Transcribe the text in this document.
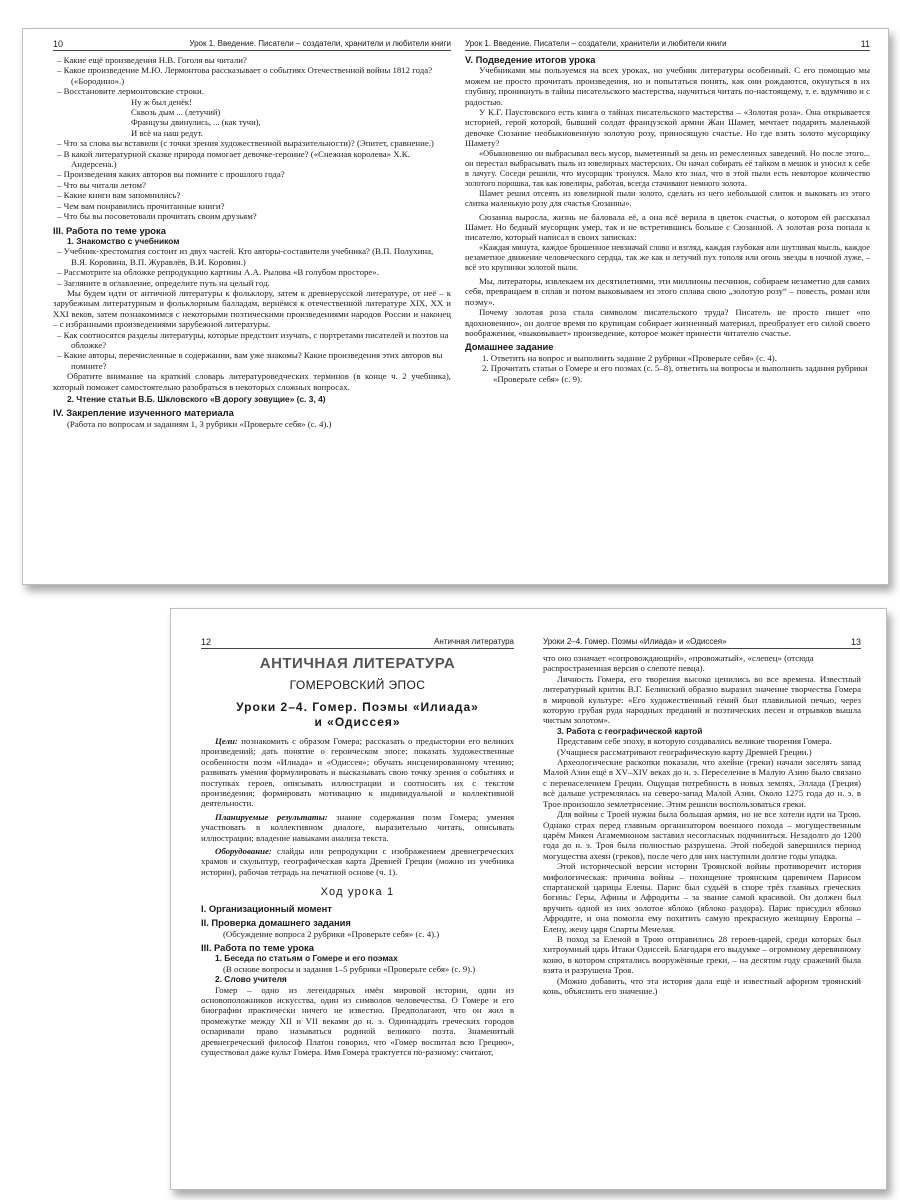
10	Урок 1. Введение. Писатели – создатели, хранители и любители книги

– Какие ещё произведения Н.В. Гоголя вы читали?

– Какое произведение М.Ю. Лермонтова рассказывает о событиях Отечественной войны 1812 года? («Бородино».)

– Восстановите лермонтовские строки.

Ну ж был денёк!
Сквозь дым ... (летучий)
Французы двинулись, ... (как тучи),
И всё на наш редут.

– Что за слова вы вставили (с точки зрения художественной выразительности)? (Эпитет, сравнение.)

– В какой литературной сказке природа помогает девочке-героине? («Снежная королева» Х.К. Андерсена.)

– Произведения каких авторов вы помните с прошлого года?

– Что вы читали летом?

– Какие книги вам запомнились?

– Чем вам понравились прочитанные книги?

– Что бы вы посоветовали прочитать своим друзьям?

III. Работа по теме урока
1. Знакомство с учебником

– Учебник-хрестоматия состоит из двух частей. Кто авторы-составители учебника? (В.П. Полухина, В.Я. Коровина, В.П. Журавлёв, В.И. Коровин.)

– Рассмотрите на обложке репродукцию картины А.А. Рылова «В голубом просторе».

– Загляните в оглавление, определите путь на целый год.

Мы будем идти от античной литературы к фольклору, затем к древнерусской литературе, от неё – к зарубежным литературным и фольклорным балладам, вернёмся к отечественной литературе XIX, XX и XXI веков, затем познакомимся с некоторыми поэтическими произведениями народов России и наконец – с избранными произведениями зарубежной литературы.

– Как соотносятся разделы литературы, которые предстоит изучать, с портретами писателей и поэтов на обложке?

– Какие авторы, перечисленные в содержании, вам уже знакомы? Какие произведения этих авторов вы помните?

Обратите внимание на краткий словарь литературоведческих терминов (в конце ч. 2 учебника), который поможет самостоятельно разобраться в некоторых сложных вопросах.

2. Чтение статьи В.Б. Шкловского «В дорогу зовущие» (с. 3, 4)
IV. Закрепление изученного материала

(Работа по вопросам и заданиям 1, 3 рубрики «Проверьте себя» (с. 4).)

Урок 1. Введение. Писатели – создатели, хранители и любители книги	11
V. Подведение итогов урока

Учебниками мы пользуемся на всех уроках, но учебник литературы особенный. С его помощью мы можем не просто прочитать произведения, но и попытаться понять, как они рождаются, окунуться в их глубину, проникнуть в тайны писательского мастерства, научиться читать по-настоящему, т. е. вдумчиво и с радостью.

У К.Г. Паустовского есть книга о тайнах писательского мастерства – «Золотая роза». Она открывается историей, герой которой, бывший солдат французской армии Жан Шамет, мечтает подарить маленькой девочке Сюзанне необыкновенную золотую розу, приносящую счастье. Но где взять золото мусорщику Шамету?

«Обыкновенно он выбрасывал весь мусор, выметенный за день из ремесленных заведений. Но после этого... он перестал выбрасывать пыль из ювелирных мастерских. Он начал собирать её тайком в мешок и уносил к себе в лачугу. Соседи решили, что мусорщик тронулся. Мало кто знал, что в этой пыли есть некоторое количество золотого порошка, так как ювелиры, работая, всегда стачивают немного золота.

Шамет решил отсеять из ювелирной пыли золото, сделать из него небольшой слиток и выковать из этого слитка маленькую розу для счастья Сюзанны».

Сюзанна выросла, жизнь не баловала её, а она всё верила в цветок счастья, о котором ей рассказал Шамет. Но бедный мусорщик умер, так и не встретившись больше с Сюзанной. А золотая роза попала к писателю, который написал в своих записках:

«Каждая минута, каждое брошенное невзначай слово и взгляд, каждая глубокая или шутливая мысль, каждое незаметное движение человеческого сердца, так же как и летучий пух тополя или огонь звезды в ночной луже, – всё это крупинки золотой пыли.

Мы, литераторы, извлекаем их десятилетиями, эти миллионы песчинок, собираем незаметно для самих себя, превращаем в сплав и потом выковываем из этого сплава свою „золотую розу“ – повесть, роман или поэму».

Почему золотая роза стала символом писательского труда? Писатель не просто пишет «по вдохновению», он долгое время по крупицам собирает жизненный материал, преобразует его силой своего воображения, «выковывает» произведение, которое может принести читателю счастье.

Домашнее задание

1. Ответить на вопрос и выполнить задание 2 рубрики «Проверьте себя» (с. 4).

2. Прочитать статьи о Гомере и его поэмах (с. 5–8), ответить на вопросы и выполнить задания рубрики «Проверьте себя» (с. 9).

12	Античная литература
АНТИЧНАЯ ЛИТЕРАТУРА
ГОМЕРОВСКИЙ ЭПОС
Уроки 2–4. Гомер. Поэмы «Илиада»
и «Одиссея»

Цели: познакомить с образом Гомера; рассказать о предыстории его великих произведений; дать понятие о героическом эпосе; показать художественные особенности поэм «Илиада» и «Одиссея»; обучать инсценированному чтению; развивать умения формулировать и высказывать свою точку зрения о событиях и поступках героев, описывать иллюстрации и соотносить их с текстом произведения; формировать мотивацию к индивидуальной и коллективной деятельности.

Планируемые результаты: знание содержания поэм Гомера; умения участвовать в коллективном диалоге, выразительно читать, описывать иллюстрации; владение навыками анализа текста.

Оборудование: слайды или репродукции с изображением древнегреческих храмов и скульптур, географическая карта Древней Греции (можно из учебника истории), рабочая тетрадь на печатной основе (ч. 1).

Ход урока 1
I. Организационный момент
II. Проверка домашнего задания

(Обсуждение вопроса 2 рубрики «Проверьте себя» (с. 4).)

III. Работа по теме урока
1. Беседа по статьям о Гомере и его поэмах

(В основе вопросы и задания 1–5 рубрики «Проверьте себя» (с. 9).)

2. Слово учителя

Гомер – одно из легендарных имён мировой истории, один из основоположников искусства, один из символов человечества. О Гомере и его биографии практически ничего не известно. Предполагают, что он жил в промежутке между XII и VII веками до н. э. Одиннадцать греческих городов оспаривали право называться родиной великого поэта. Знаменитый древнегреческий философ Платон говорил, что «Гомер воспитал всю Грецию», существовал даже культ Гомера. Имя Гомера трактуется по-разному: считают,

Уроки 2–4. Гомер. Поэмы «Илиада» и «Одиссея»	13

что оно означает «сопровождающий», «провожатый», «слепец» (отсюда распространенная версия о слепоте певца).

Личность Гомера, его творения высоко ценились во все времена. Известный литературный критик В.Г. Белинский образно выразил значение творчества Гомера в мировой культуре: «Его художественный гений был плавильной печью, через которую грубая руда народных преданий и поэтических песен и отрывков вышла чистым золотом».

3. Работа с географической картой

Представим себе эпоху, в которую создавались великие творения Гомера.

(Учащиеся рассматривают географическую карту Древней Греции.)

Археологические раскопки показали, что ахейне (греки) начали заселять запад Малой Азии ещё в XV–XIV веках до н. э. Переселение в Малую Азию было связано с перенаселением Греции. Ощущая потребность в новых землях, Эллада (Греция) всё дальше устремлялась на северо-запад Малой Азии. Около 1275 года до н. э. в Трое произошло землетрясение. Этим решили воспользоваться греки.

Для войны с Троей нужна была большая армия, но не все хотели идти на Трою. Однако страх перед главным организатором военного похода – могущественным царём Микен Агамемноном заставил несогласных подчиниться. Незадолго до 1200 года до н. э. Троя была полностью разрушена. Этой победой завершился период могущества ахеян (греков), после чего для них наступили долгие годы упадка.

Этой исторической версии истории Троянской войны противоречит история мифологическая: причина войны – похищение троянским царевичем Парисом спартанской царицы Елены. Парис был судьёй в споре трёх главных греческих богинь: Геры, Афины и Афродиты – за звание самой красивой. Он должен был вручить одной из них золотое яблоко (яблоко раздора). Парис присудил яблоко Афродите, и она помогла ему похитить самую прекрасную женщину Европы – Елену, жену царя Спарты Менелая.

В поход за Еленой в Трою отправились 28 героев-царей, среди которых был хитроумный царь Итаки Одиссей. Благодаря его выдумке – огромному деревянному коню, в котором спрятались вооружённые греки, – на десятом году сражений была взята и разрушена Троя.

(Можно добавить, что эта история дала ещё и известный афоризм троянский конь, объяснить его значение.)
